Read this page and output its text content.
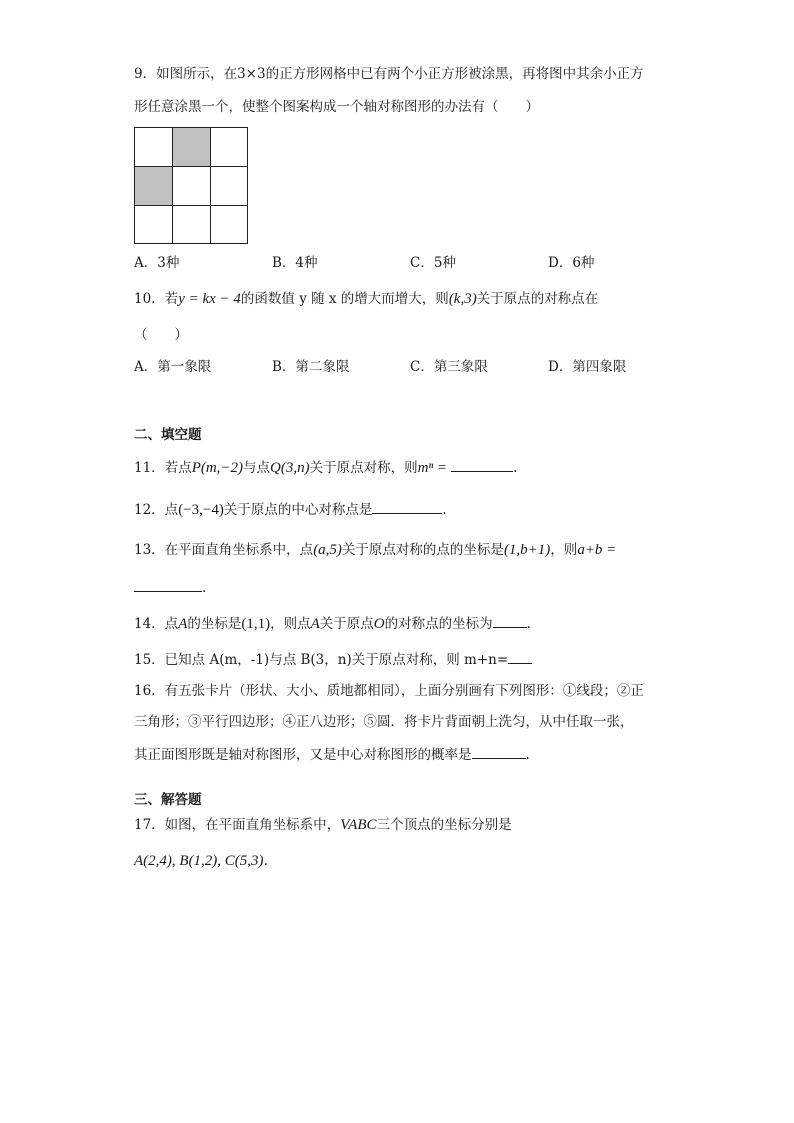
9．如图所示，在3×3的正方形网格中已有两个小正方形被涂黑，再将图中其余小正方
形任意涂黑一个，使整个图案构成一个轴对称图形的办法有（　　）
A．3种	B．4种	C．5种	D．6种
10．若y = kx − 4的函数值 y 随 x 的增大而增大，则(k,3)关于原点的对称点在
（　　）
A．第一象限	B．第二象限	C．第三象限	D．第四象限
二、填空题
11．若点P(m,−2)与点Q(3,n)关于原点对称，则mⁿ =	.
12．点(−3,−4)关于原点的中心对称点是	.
13．在平面直角坐标系中，点(a,5)关于原点对称的点的坐标是(1,b+1)，则a+b =
.
14．点A的坐标是(1,1)，则点A关于原点O的对称点的坐标为	.
15．已知点 A(m，-1)与点 B(3，n)关于原点对称，则 m+n=
16．有五张卡片（形状、大小、质地都相同），上面分别画有下列图形：①线段；②正
三角形；③平行四边形；④正八边形；⑤圆．将卡片背面朝上洗匀，从中任取一张，
其正面图形既是轴对称图形，又是中心对称图形的概率是	.
三、解答题
17．如图，在平面直角坐标系中，VABC三个顶点的坐标分别是
A(2,4), B(1,2), C(5,3).
